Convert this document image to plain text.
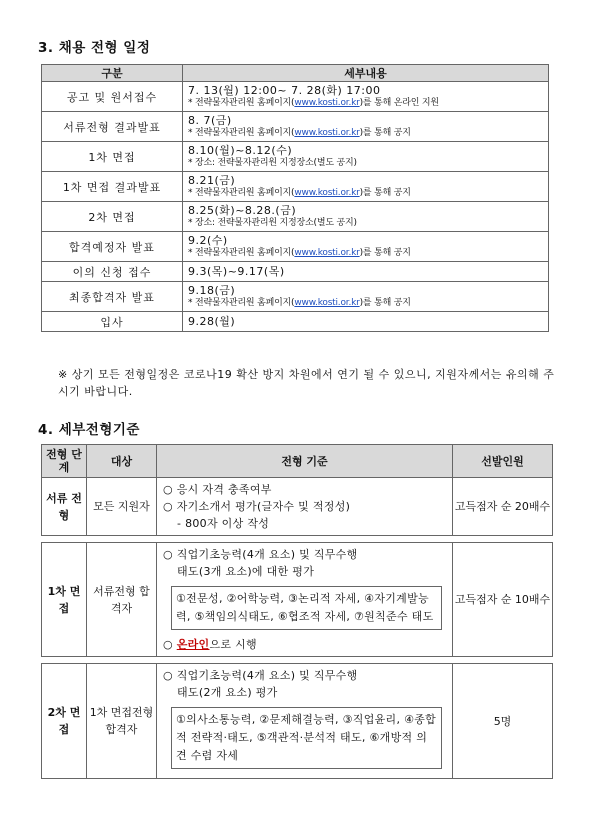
3. 채용 전형 일정
구분	세부내용
공고 및 원서접수	7. 13(월) 12:00~ 7. 28(화) 17:00
* 전략물자관리원 홈페이지(www.kosti.or.kr)를 통해 온라인 지원

서류전형 결과발표	8. 7(금)
* 전략물자관리원 홈페이지(www.kosti.or.kr)를 통해 공지

1차 면접	8.10(월)~8.12(수)
* 장소: 전략물자관리원 지정장소(별도 공지)

1차 면접 결과발표	8.21(금)
* 전략물자관리원 홈페이지(www.kosti.or.kr)를 통해 공지

2차 면접	8.25(화)~8.28.(금)
* 장소: 전략물자관리원 지정장소(별도 공지)

합격예정자 발표	9.2(수)
* 전략물자관리원 홈페이지(www.kosti.or.kr)를 통해 공지

이의 신청 접수	9.3(목)~9.17(목)

최종합격자 발표	9.18(금)
* 전략물자관리원 홈페이지(www.kosti.or.kr)를 통해 공지

입사	9.28(월)
※ 상기 모든 전형일정은 코로나19 확산 방지 차원에서 연기 될 수 있으니, 지원자께서는 유의해 주시기 바랍니다.
4. 세부전형기준
전형 단계	대상	전형 기준	선발인원
서류 전형	모든 지원자	○ 응시 자격 충족여부
○ 자기소개서 평가(글자수 및 적정성)
- 800자 이상 작성	고득점자 순 20배수

1차 면접	서류전형 합격자	○ 직업기초능력(4개 요소) 및 직무수행
태도(3개 요소)에 대한 평가
①전문성, ②어학능력, ③논리적 자세, ④자기계발능력, ⑤책임의식태도, ⑥협조적 자세, ⑦원칙준수 태도
○ 온라인으로 시행	고득점자 순 10배수

2차 면접	1차 면접전형 합격자	○ 직업기초능력(4개 요소) 및 직무수행
태도(2개 요소) 평가
①의사소통능력, ②문제해결능력, ③직업윤리, ④종합적 전략적·태도, ⑤객관적·분석적 태도, ⑥개방적 의견 수렴 자세	5명
